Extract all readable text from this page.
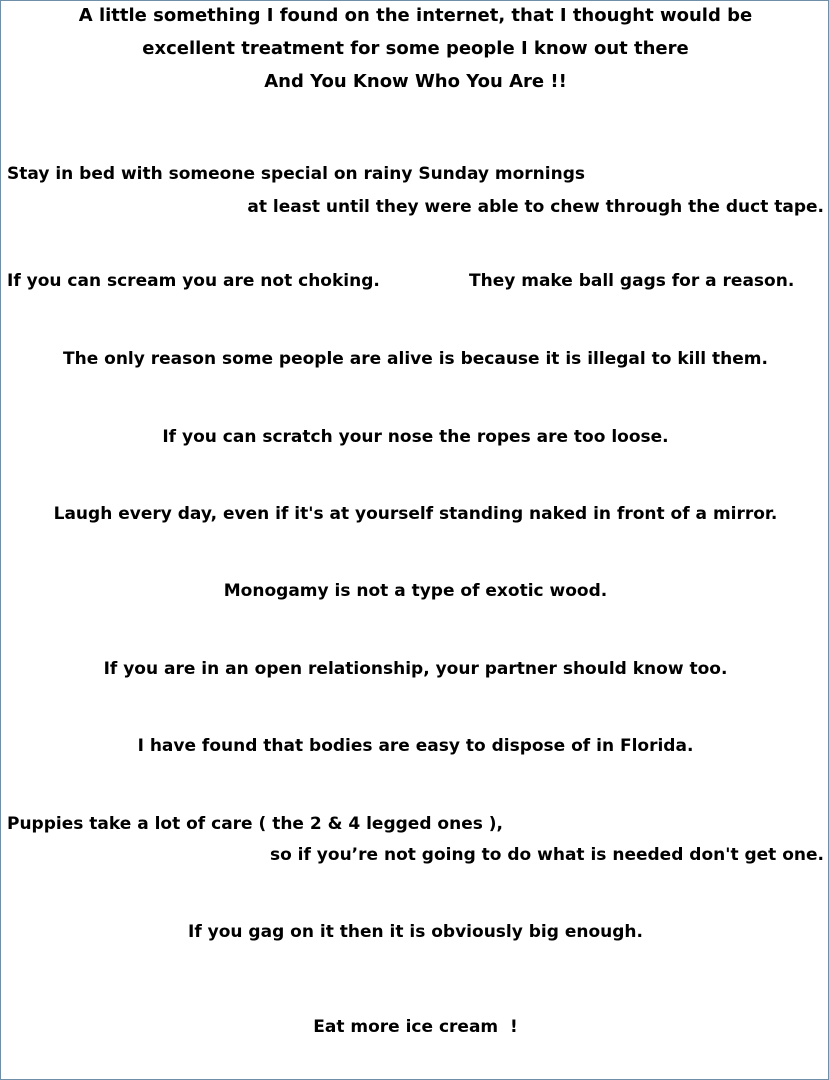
A little something I found on the internet, that I thought would be

excellent treatment for some people I know out there

And You Know Who You Are !!

Stay in bed with someone special on rainy Sunday mornings

at least until they were able to chew through the duct tape.

If you can scream you are not choking.	They make ball gags for a reason.

The only reason some people are alive is because it is illegal to kill them.

If you can scratch your nose the ropes are too loose.

Laugh every day, even if it's at yourself standing naked in front of a mirror.

Monogamy is not a type of exotic wood.

If you are in an open relationship, your partner should know too.

I have found that bodies are easy to dispose of in Florida.

Puppies take a lot of care ( the 2 & 4 legged ones ),

so if you’re not going to do what is needed don't get one.

If you gag on it then it is obviously big enough.

Eat more ice cream  !
